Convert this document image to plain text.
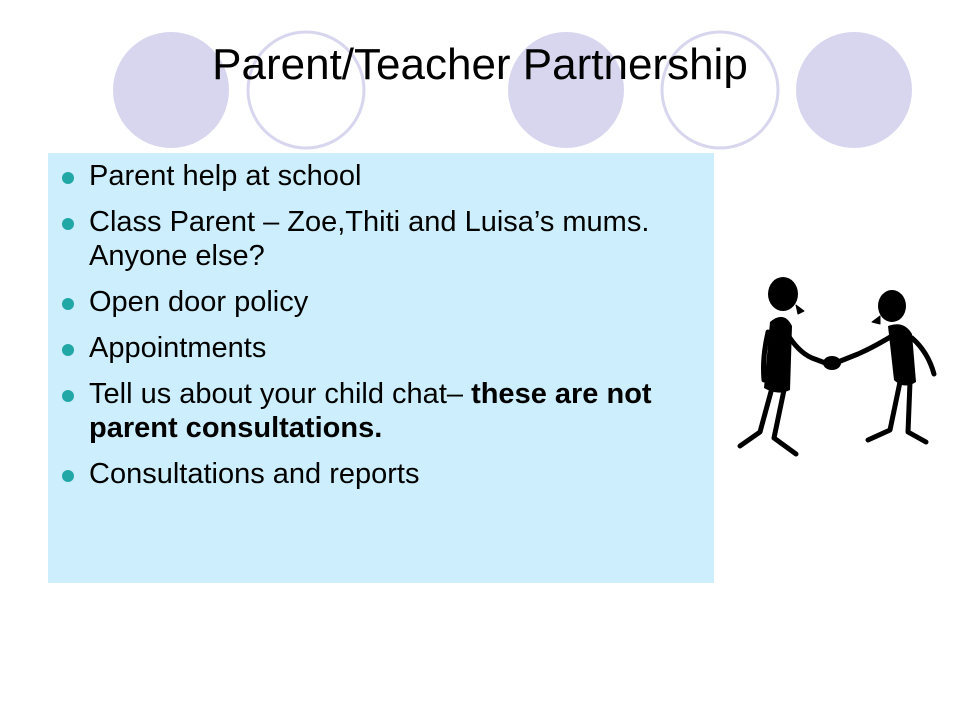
Parent/Teacher Partnership
Parent help at school
Class Parent – Zoe,Thiti and Luisa’s mums. Anyone else?
Open door policy
Appointments
Tell us about your child chat– these are not parent consultations.
Consultations and reports
